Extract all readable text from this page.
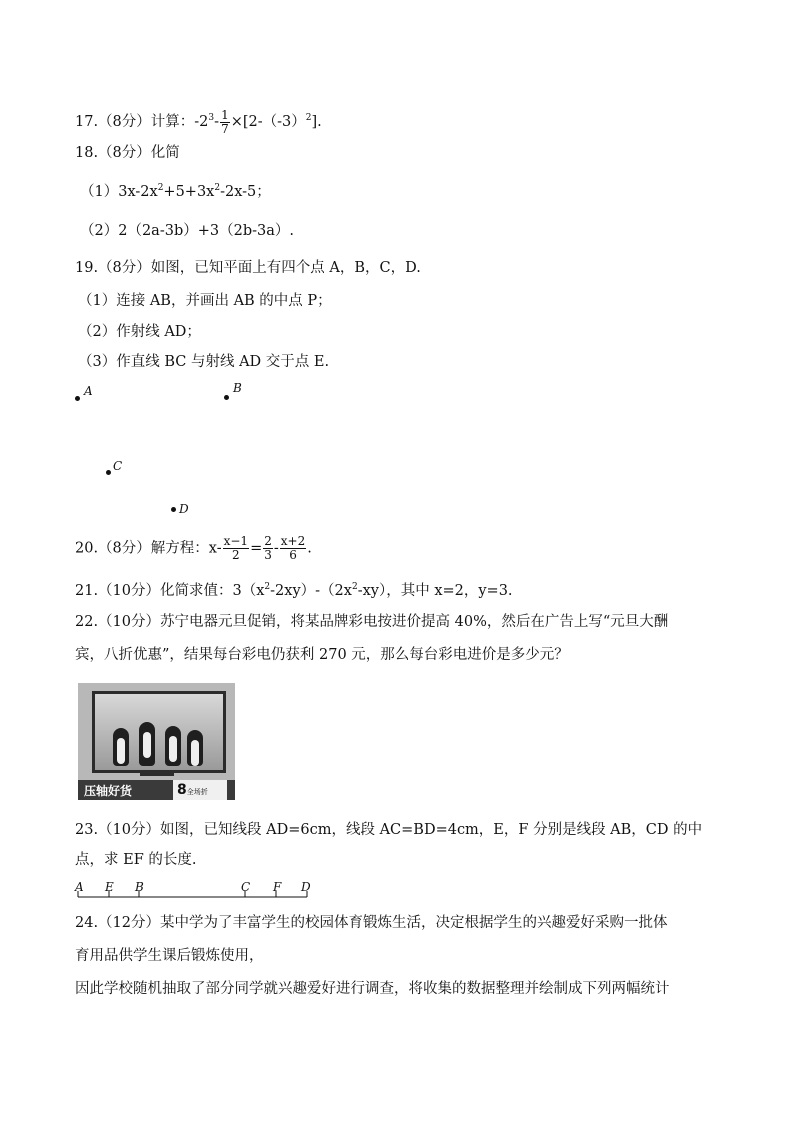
17.（8分）计算：$-2^3- \frac{1}{7} \times[2-(-3)^2]$.
18.（8分）化简
$(1)3x-2x^2+5+3x^2-2x-5$；
（2）2（2a-3b）+3（2b-3a）.
19.（8分）如图，已知平面上有四个点 A，B，C，D.
（1）连接 AB，并画出 AB 的中点 P；
（2）作射线 AD；
（3）作直线 BC 与射线 AD 交于点 E.
A	B
C
D
20.（8分）解方程：$x- \frac{x-1}{2} = \frac{2}{3} - \frac{x+2}{6}$ .
21.（10分）化简求值：$3(x^2-2xy)-(2x^2-xy)$，其中 x=2，y=3.
22.（10分）苏宁电器元旦促销，将某品牌彩电按进价提高 40%，然后在广告上写“元旦大酬
宾，八折优惠”，结果每台彩电仍获利 270 元，那么每台彩电进价是多少元？
压轴好货	8全场折
23.（10分）如图，已知线段 AD=6cm，线段 AC=BD=4cm，E，F 分别是线段 AB，CD 的中
点，求 EF 的长度.
A E B	C F D
24.（12分）某中学为了丰富学生的校园体育锻炼生活，决定根据学生的兴趣爱好采购一批体
育用品供学生课后锻炼使用，
因此学校随机抽取了部分同学就兴趣爱好进行调查，将收集的数据整理并绘制成下列两幅统计
